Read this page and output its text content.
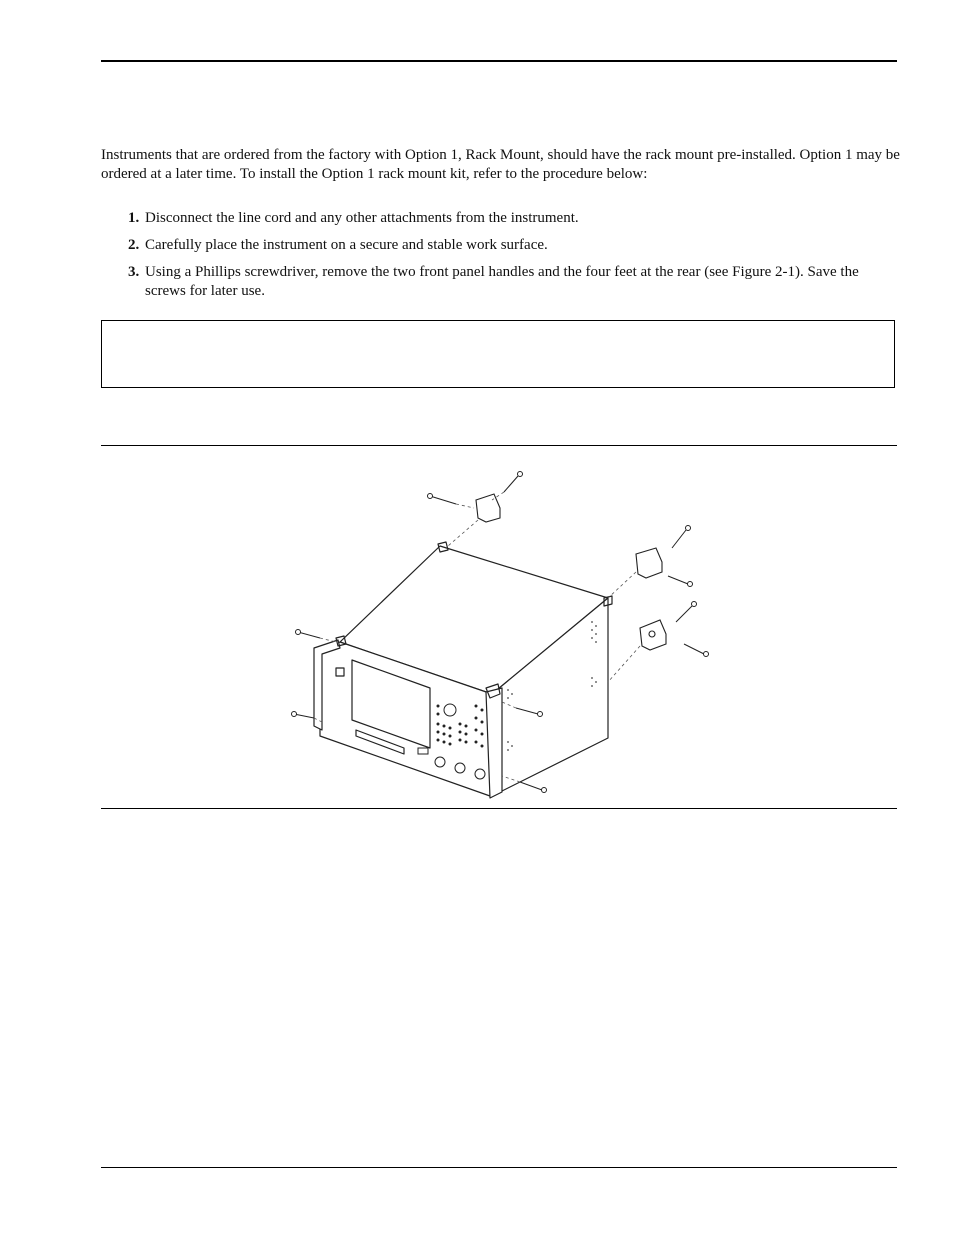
Instruments that are ordered from the factory with Option 1, Rack Mount, should have the rack mount pre-installed. Option 1 may be ordered at a later time. To install the Option 1 rack mount kit, refer to the procedure below:

1. Disconnect the line cord and any other attachments from the instrument.
2. Carefully place the instrument on a secure and stable work surface.
3. Using a Phillips screwdriver, remove the two front panel handles and the four feet at the rear (see Figure 2-1). Save the screws for later use.
